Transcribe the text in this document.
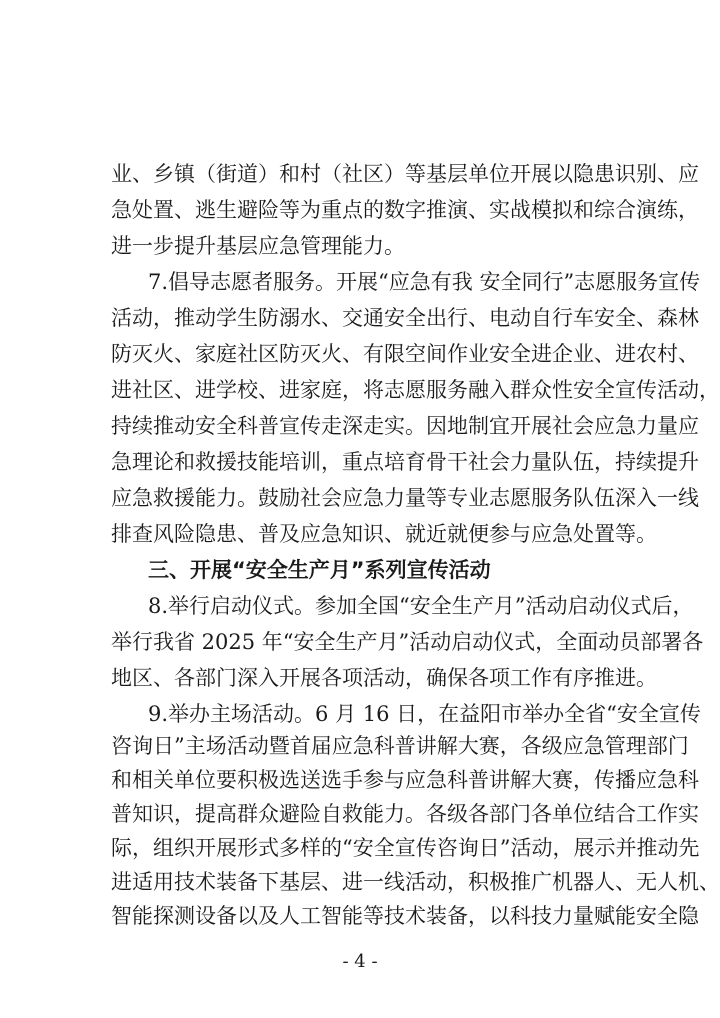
业、乡镇（街道）和村（社区）等基层单位开展以隐患识别、应
急处置、逃生避险等为重点的数字推演、实战模拟和综合演练，
进一步提升基层应急管理能力。
7.倡导志愿者服务。开展“应急有我 安全同行”志愿服务宣传
活动，推动学生防溺水、交通安全出行、电动自行车安全、森林
防灭火、家庭社区防灭火、有限空间作业安全进企业、进农村、
进社区、进学校、进家庭，将志愿服务融入群众性安全宣传活动，
持续推动安全科普宣传走深走实。因地制宜开展社会应急力量应
急理论和救援技能培训，重点培育骨干社会力量队伍，持续提升
应急救援能力。鼓励社会应急力量等专业志愿服务队伍深入一线
排查风险隐患、普及应急知识、就近就便参与应急处置等。
三、开展“安全生产月”系列宣传活动
8.举行启动仪式。参加全国“安全生产月”活动启动仪式后，
举行我省 2025 年“安全生产月”活动启动仪式，全面动员部署各
地区、各部门深入开展各项活动，确保各项工作有序推进。
9.举办主场活动。6 月 16 日，在益阳市举办全省“安全宣传
咨询日”主场活动暨首届应急科普讲解大赛，各级应急管理部门
和相关单位要积极选送选手参与应急科普讲解大赛，传播应急科
普知识，提高群众避险自救能力。各级各部门各单位结合工作实
际，组织开展形式多样的“安全宣传咨询日”活动，展示并推动先
进适用技术装备下基层、进一线活动，积极推广机器人、无人机、
- 4 -
智能探测设备以及人工智能等技术装备，以科技力量赋能安全隐
